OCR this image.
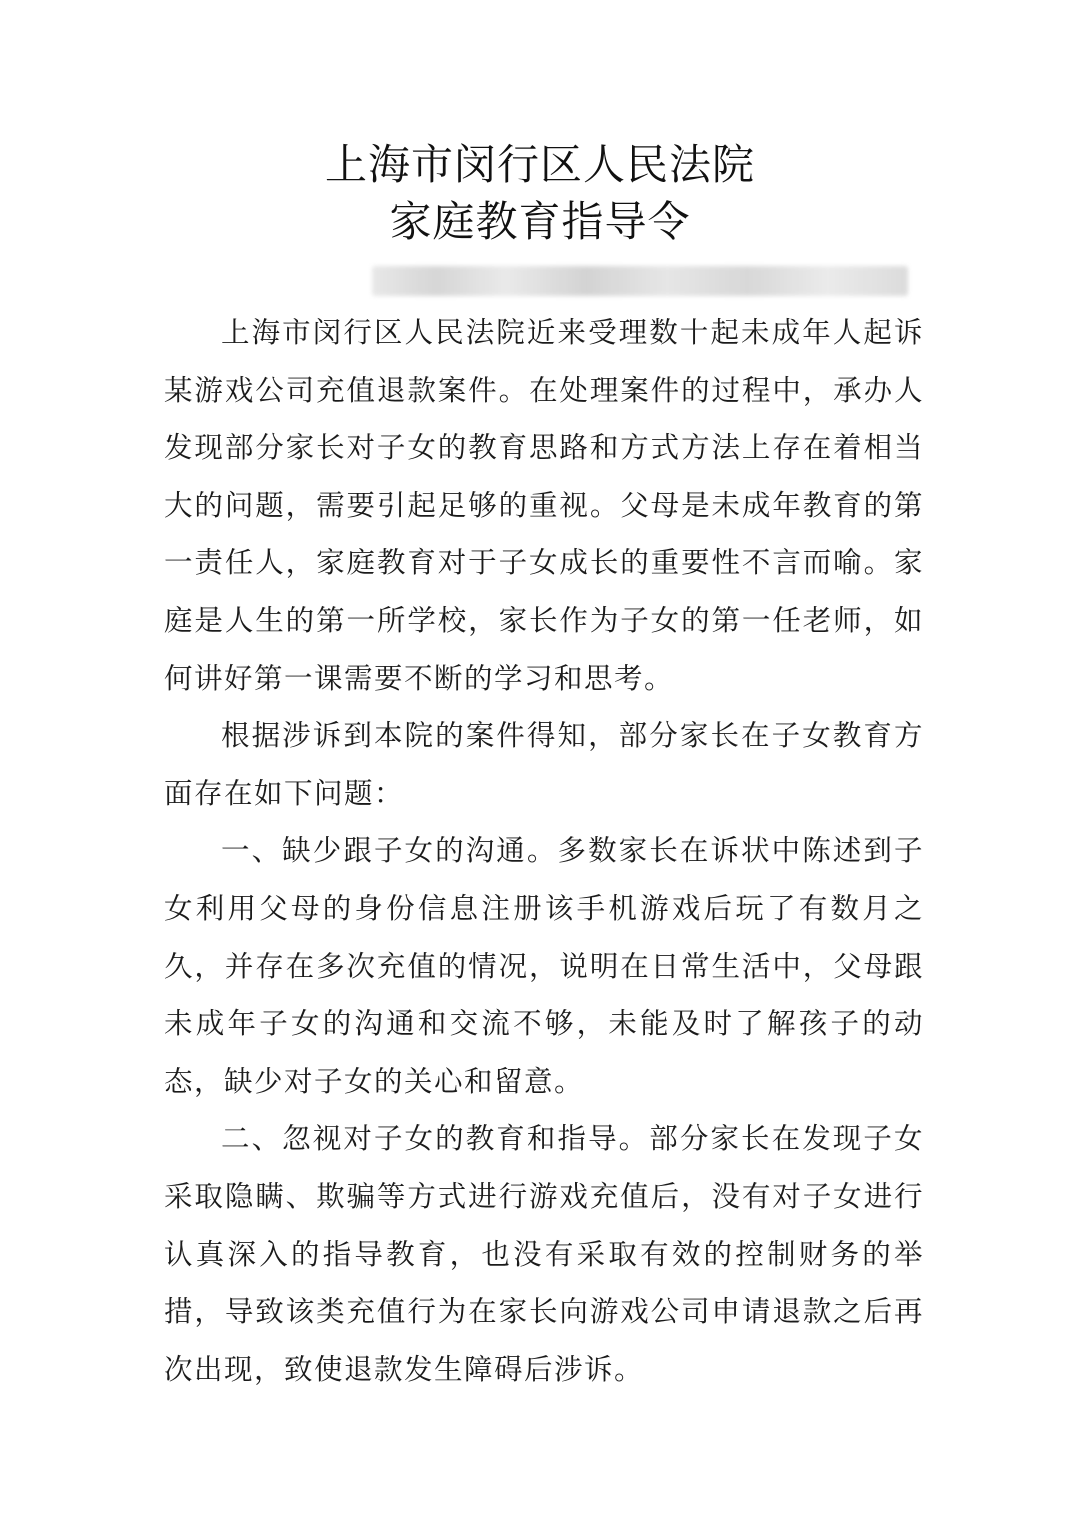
上海市闵行区人民法院
家庭教育指导令

上海市闵行区人民法院近来受理数十起未成年人起诉某游戏公司充值退款案件。在处理案件的过程中，承办人发现部分家长对子女的教育思路和方式方法上存在着相当大的问题，需要引起足够的重视。父母是未成年教育的第一责任人，家庭教育对于子女成长的重要性不言而喻。家庭是人生的第一所学校，家长作为子女的第一任老师，如何讲好第一课需要不断的学习和思考。

根据涉诉到本院的案件得知，部分家长在子女教育方面存在如下问题：

一、缺少跟子女的沟通。多数家长在诉状中陈述到子女利用父母的身份信息注册该手机游戏后玩了有数月之久，并存在多次充值的情况，说明在日常生活中，父母跟未成年子女的沟通和交流不够，未能及时了解孩子的动态，缺少对子女的关心和留意。

二、忽视对子女的教育和指导。部分家长在发现子女采取隐瞒、欺骗等方式进行游戏充值后，没有对子女进行认真深入的指导教育，也没有采取有效的控制财务的举措，导致该类充值行为在家长向游戏公司申请退款之后再次出现，致使退款发生障碍后涉诉。
